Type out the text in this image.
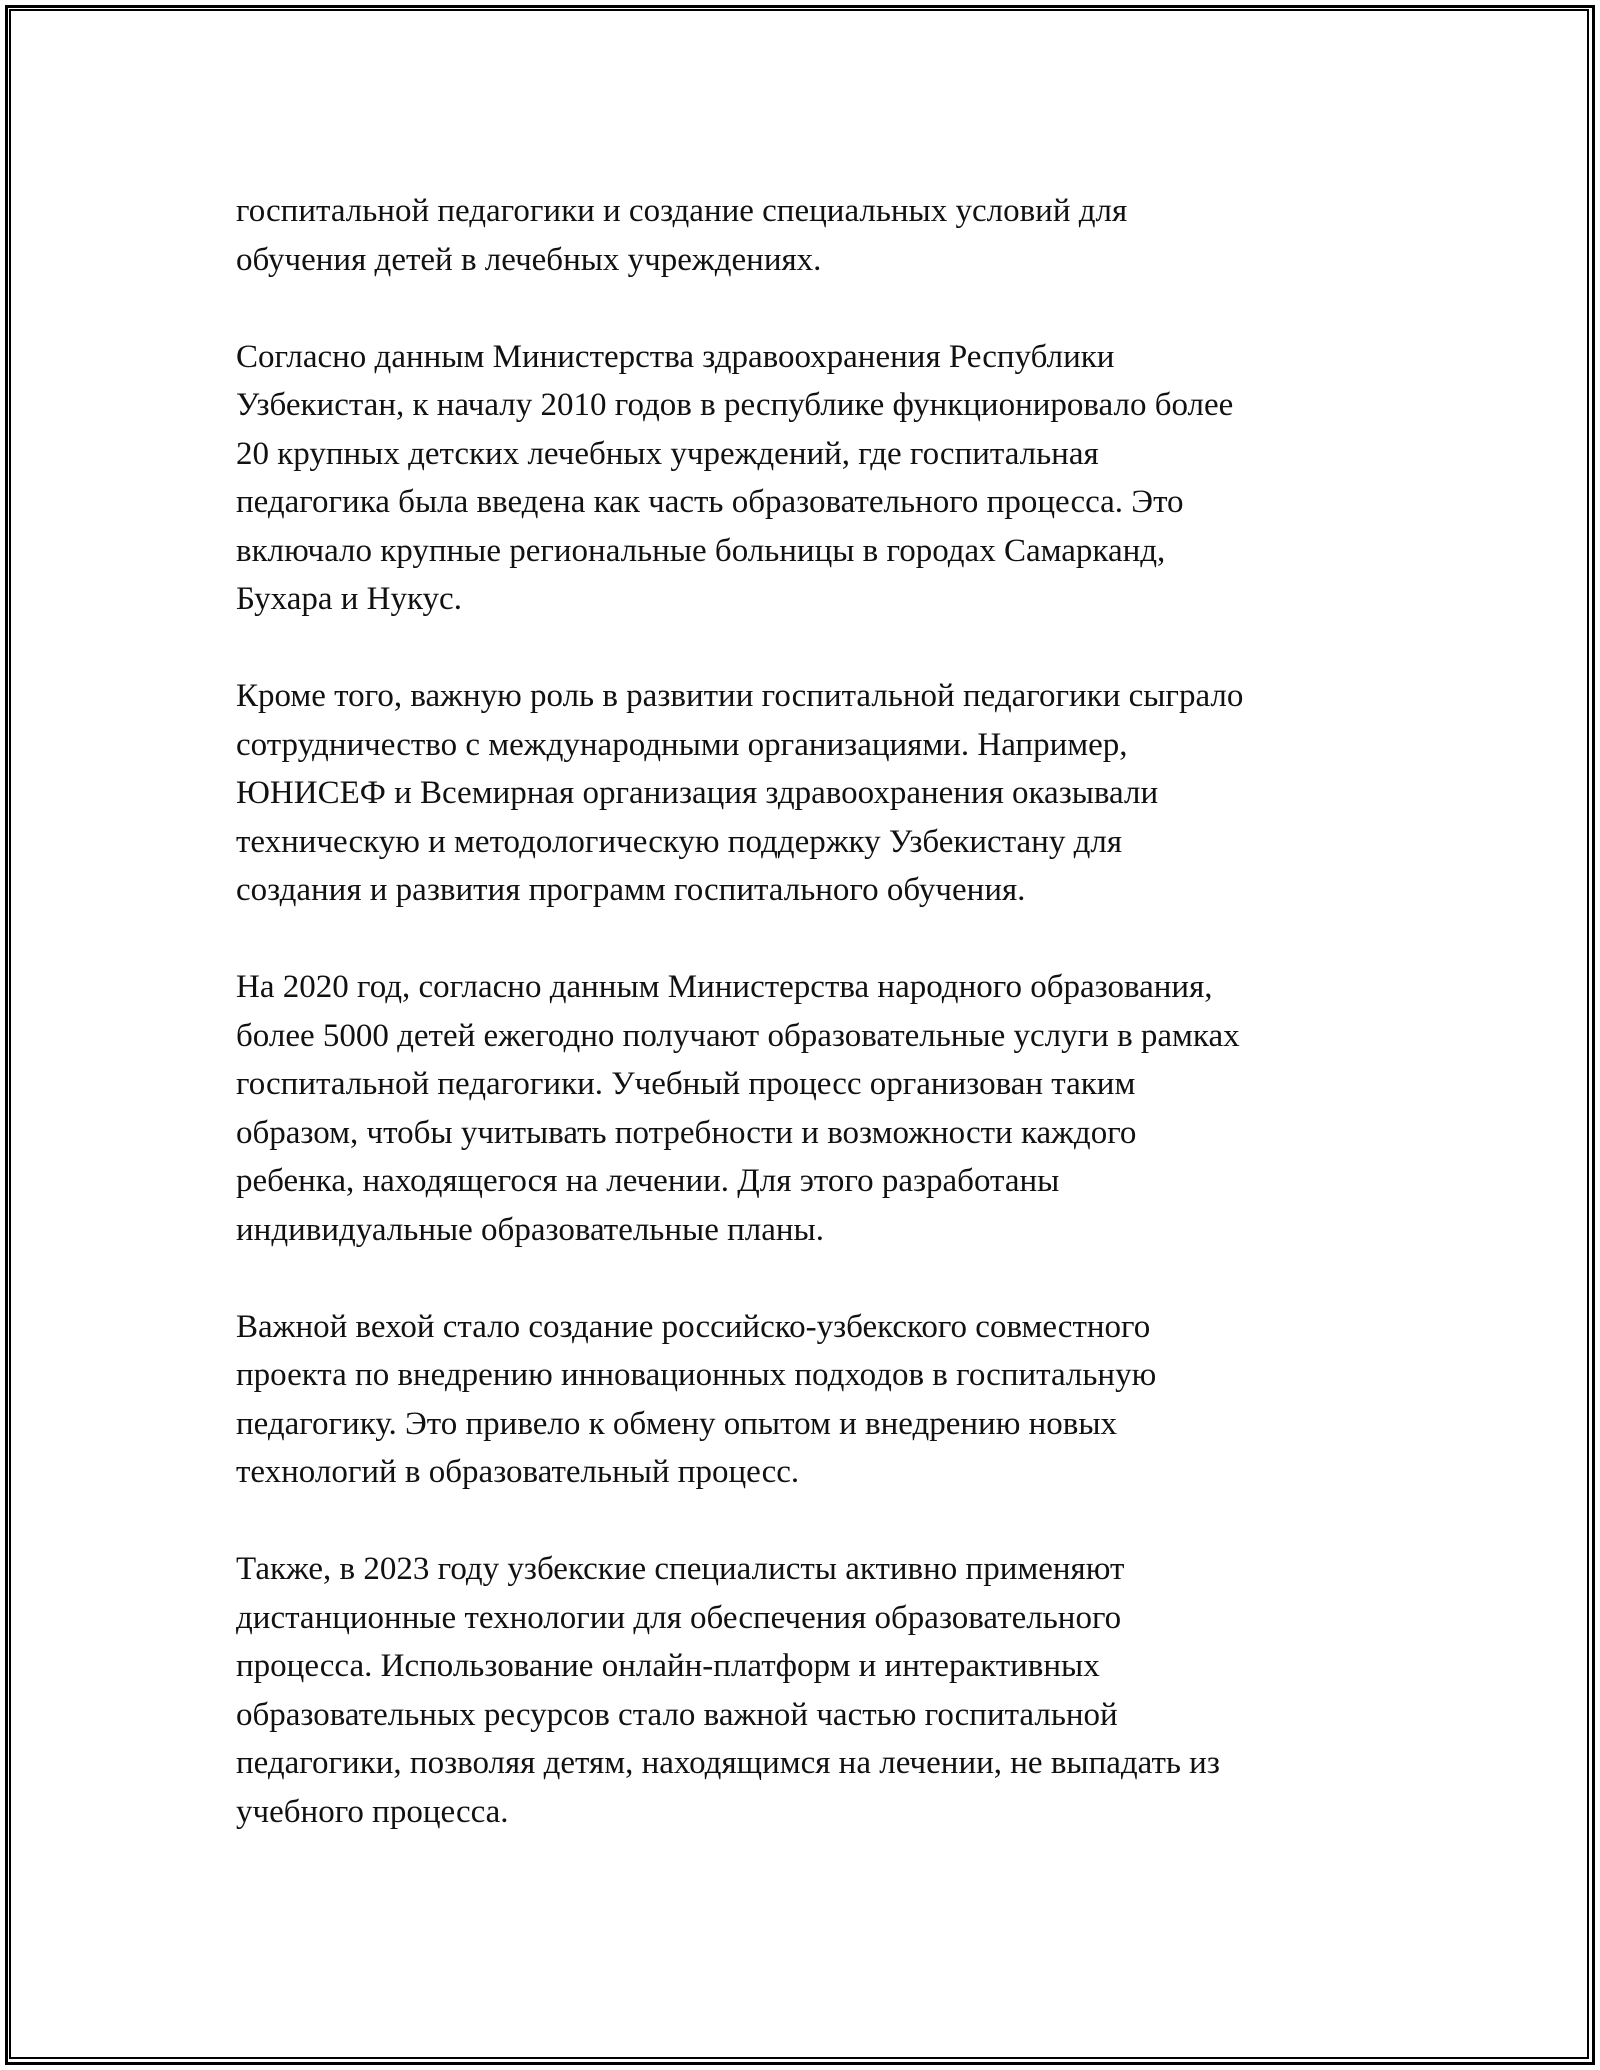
госпитальной педагогики и создание специальных условий для
обучения детей в лечебных учреждениях.

Согласно данным Министерства здравоохранения Республики
Узбекистан, к началу 2010 годов в республике функционировало более
20 крупных детских лечебных учреждений, где госпитальная
педагогика была введена как часть образовательного процесса. Это
включало крупные региональные больницы в городах Самарканд,
Бухара и Нукус.

Кроме того, важную роль в развитии госпитальной педагогики сыграло
сотрудничество с международными организациями. Например,
ЮНИСЕФ и Всемирная организация здравоохранения оказывали
техническую и методологическую поддержку Узбекистану для
создания и развития программ госпитального обучения.

На 2020 год, согласно данным Министерства народного образования,
более 5000 детей ежегодно получают образовательные услуги в рамках
госпитальной педагогики. Учебный процесс организован таким
образом, чтобы учитывать потребности и возможности каждого
ребенка, находящегося на лечении. Для этого разработаны
индивидуальные образовательные планы.

Важной вехой стало создание российско-узбекского совместного
проекта по внедрению инновационных подходов в госпитальную
педагогику. Это привело к обмену опытом и внедрению новых
технологий в образовательный процесс.

Также, в 2023 году узбекские специалисты активно применяют
дистанционные технологии для обеспечения образовательного
процесса. Использование онлайн-платформ и интерактивных
образовательных ресурсов стало важной частью госпитальной
педагогики, позволяя детям, находящимся на лечении, не выпадать из
учебного процесса.
